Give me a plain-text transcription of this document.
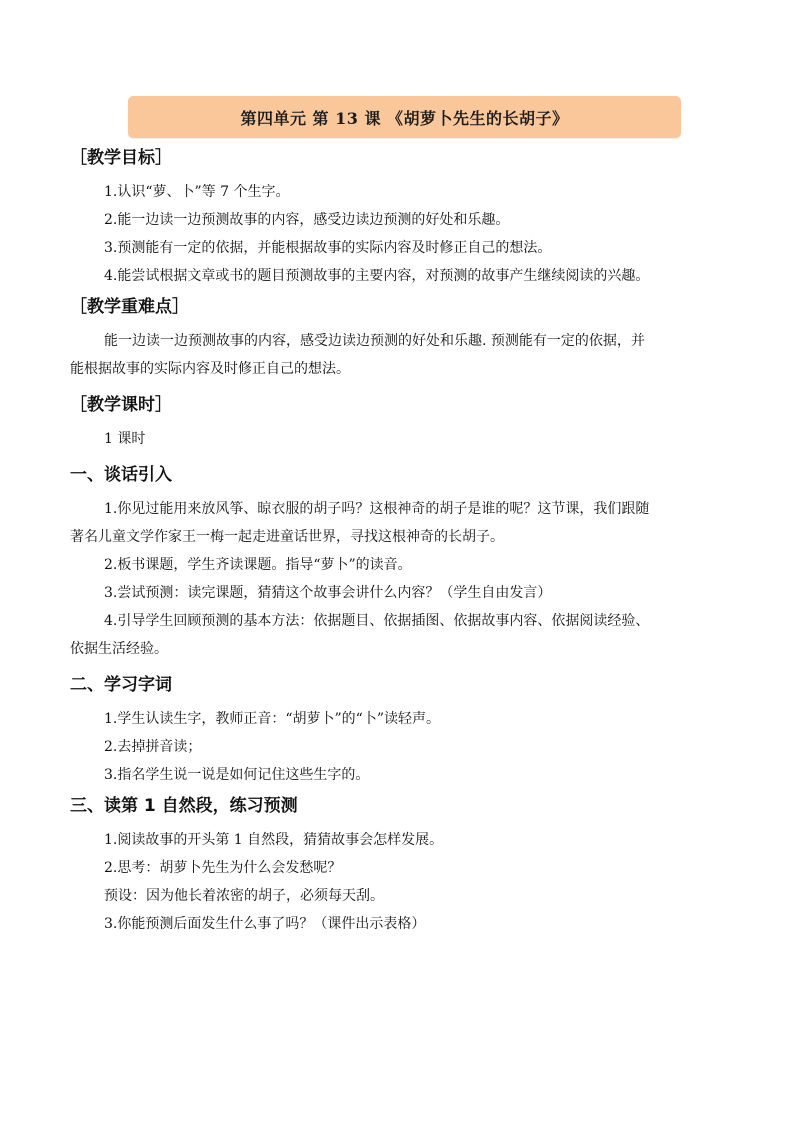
第四单元 第 13 课 《胡萝卜先生的长胡子》
［教学目标］
1.认识“萝、卜”等 7 个生字。
2.能一边读一边预测故事的内容，感受边读边预测的好处和乐趣。
3.预测能有一定的依据，并能根据故事的实际内容及时修正自己的想法。
4.能尝试根据文章或书的题目预测故事的主要内容，对预测的故事产生继续阅读的兴趣。
［教学重难点］
能一边读一边预测故事的内容，感受边读边预测的好处和乐趣. 预测能有一定的依据，并
能根据故事的实际内容及时修正自己的想法。
［教学课时］
1 课时
一、谈话引入
1.你见过能用来放风筝、晾衣服的胡子吗？这根神奇的胡子是谁的呢？这节课，我们跟随
著名儿童文学作家王一梅一起走进童话世界，寻找这根神奇的长胡子。
2.板书课题，学生齐读课题。指导“萝卜”的读音。
3.尝试预测：读完课题，猜猜这个故事会讲什么内容？（学生自由发言）
4.引导学生回顾预测的基本方法：依据题目、依据插图、依据故事内容、依据阅读经验、
依据生活经验。
二、学习字词
1.学生认读生字，教师正音：“胡萝卜”的“卜”读轻声。
2.去掉拼音读；
3.指名学生说一说是如何记住这些生字的。
三、读第 1 自然段，练习预测
1.阅读故事的开头第 1 自然段，猜猜故事会怎样发展。
2.思考：胡萝卜先生为什么会发愁呢？
预设：因为他长着浓密的胡子，必须每天刮。
3.你能预测后面发生什么事了吗？（课件出示表格）
